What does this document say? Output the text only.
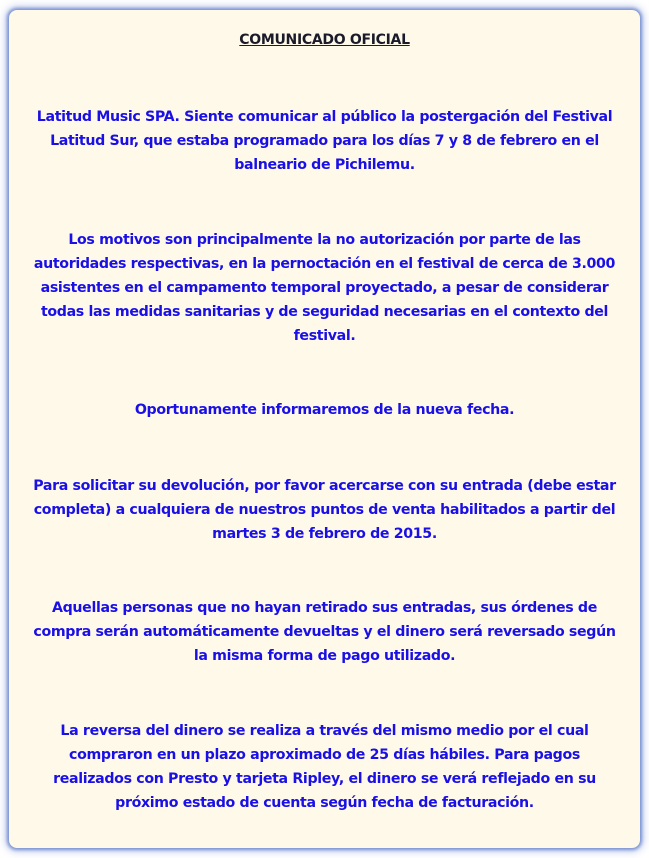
COMUNICADO OFICIAL
Latitud Music SPA. Siente comunicar al público la postergación del Festival Latitud Sur, que estaba programado para los días 7 y 8 de febrero en el balneario de Pichilemu.
Los motivos son principalmente la no autorización por parte de las autoridades respectivas, en la pernoctación en el festival de cerca de 3.000 asistentes en el campamento temporal proyectado, a pesar de considerar todas las medidas sanitarias y de seguridad necesarias en el contexto del festival.
Oportunamente informaremos de la nueva fecha.
Para solicitar su devolución, por favor acercarse con su entrada (debe estar completa) a cualquiera de nuestros puntos de venta habilitados a partir del martes 3 de febrero de 2015.
Aquellas personas que no hayan retirado sus entradas, sus órdenes de compra serán automáticamente devueltas y el dinero será reversado según la misma forma de pago utilizado.
La reversa del dinero se realiza a través del mismo medio por el cual compraron en un plazo aproximado de 25 días hábiles. Para pagos realizados con Presto y tarjeta Ripley, el dinero se verá reflejado en su próximo estado de cuenta según fecha de facturación.
